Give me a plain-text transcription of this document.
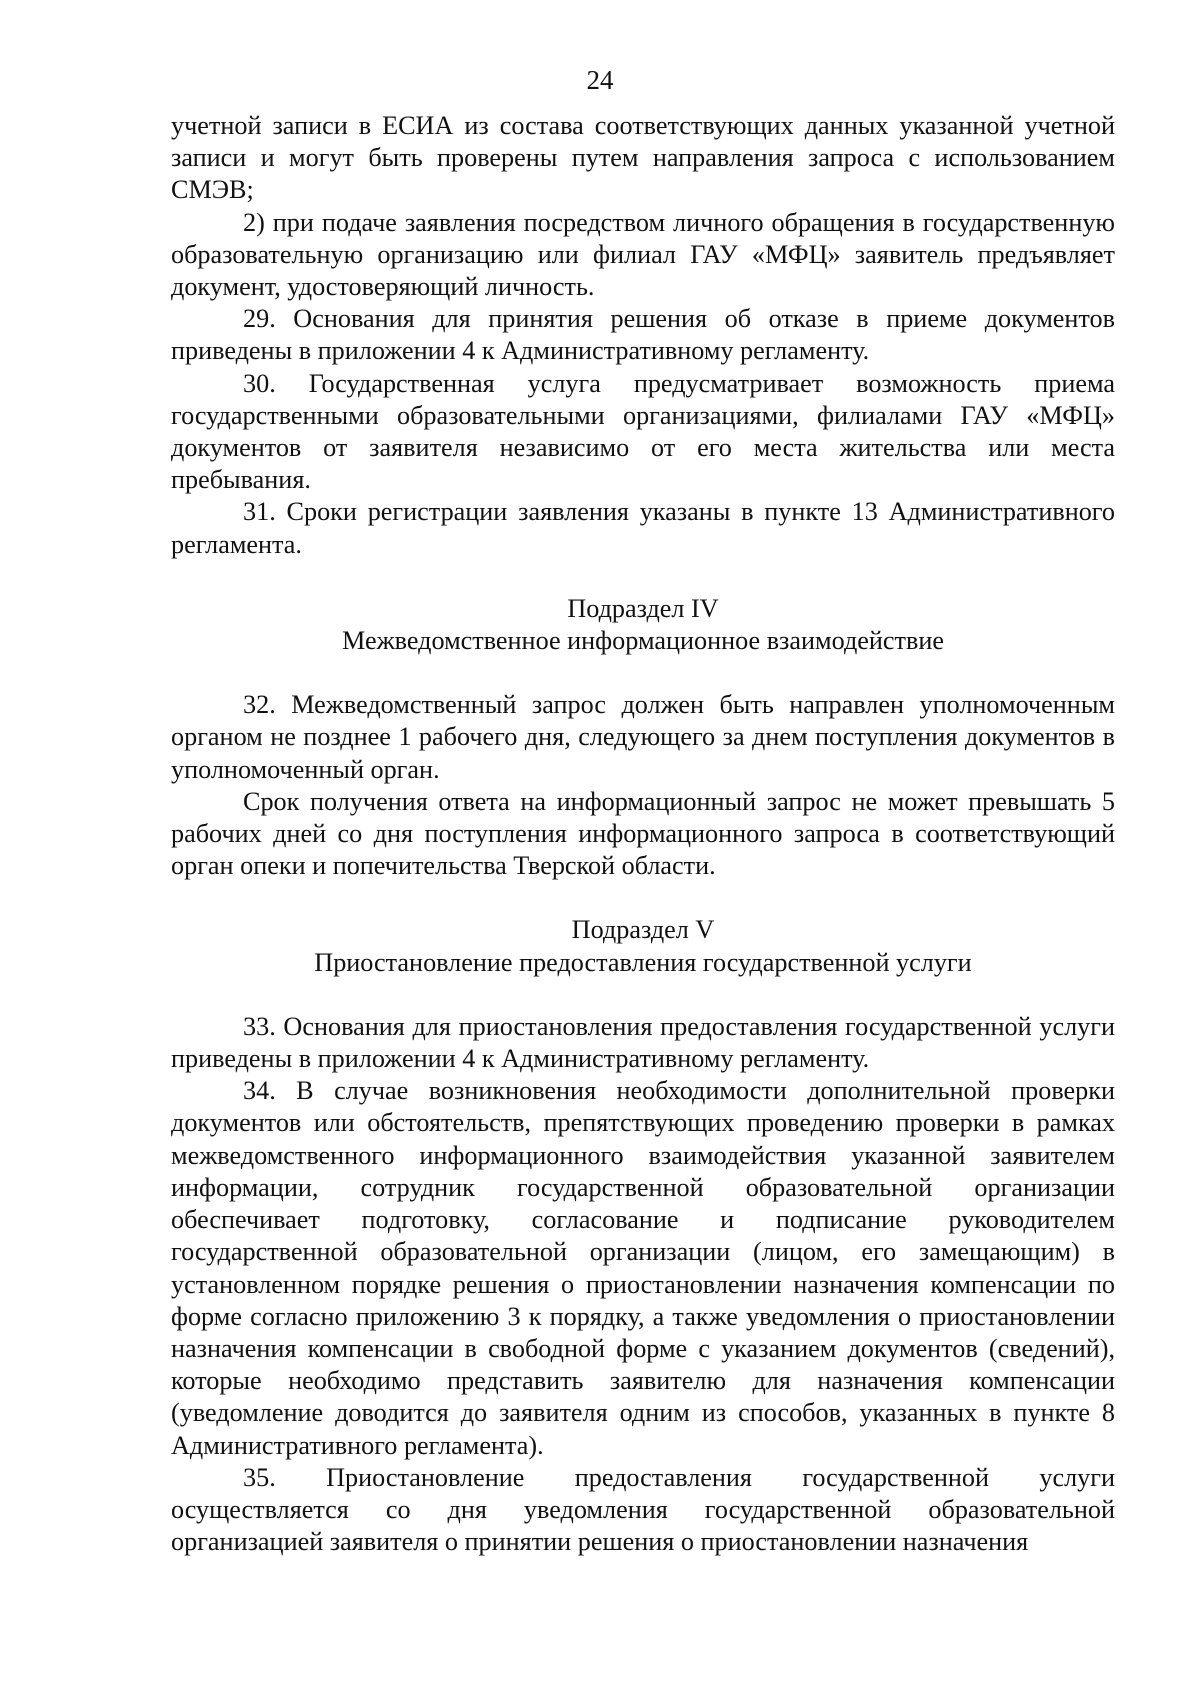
24

учетной записи в ЕСИА из состава соответствующих данных указанной учетной записи и могут быть проверены путем направления запроса с использованием СМЭВ;

2) при подаче заявления посредством личного обращения в государственную образовательную организацию или филиал ГАУ «МФЦ» заявитель предъявляет документ, удостоверяющий личность.

29. Основания для принятия решения об отказе в приеме документов приведены в приложении 4 к Административному регламенту.

30. Государственная услуга предусматривает возможность приема государственными образовательными организациями, филиалами ГАУ «МФЦ» документов от заявителя независимо от его места жительства или места пребывания.

31. Сроки регистрации заявления указаны в пункте 13 Административного регламента.

Подраздел IV

Межведомственное информационное взаимодействие

32. Межведомственный запрос должен быть направлен уполномоченным органом не позднее 1 рабочего дня, следующего за днем поступления документов в уполномоченный орган.

Срок получения ответа на информационный запрос не может превышать 5 рабочих дней со дня поступления информационного запроса в соответствующий орган опеки и попечительства Тверской области.

Подраздел V

Приостановление предоставления государственной услуги

33. Основания для приостановления предоставления государственной услуги приведены в приложении 4 к Административному регламенту.

34. В случае возникновения необходимости дополнительной проверки документов или обстоятельств, препятствующих проведению проверки в рамках межведомственного информационного взаимодействия указанной заявителем информации, сотрудник государственной образовательной организации обеспечивает подготовку, согласование и подписание руководителем государственной образовательной организации (лицом, его замещающим) в установленном порядке решения о приостановлении назначения компенсации по форме согласно приложению 3 к порядку, а также уведомления о приостановлении назначения компенсации в свободной форме с указанием документов (сведений), которые необходимо представить заявителю для назначения компенсации (уведомление доводится до заявителя одним из способов, указанных в пункте 8 Административного регламента).

35. Приостановление предоставления государственной услуги осуществляется со дня уведомления государственной образовательной организацией заявителя о принятии решения о приостановлении назначения
